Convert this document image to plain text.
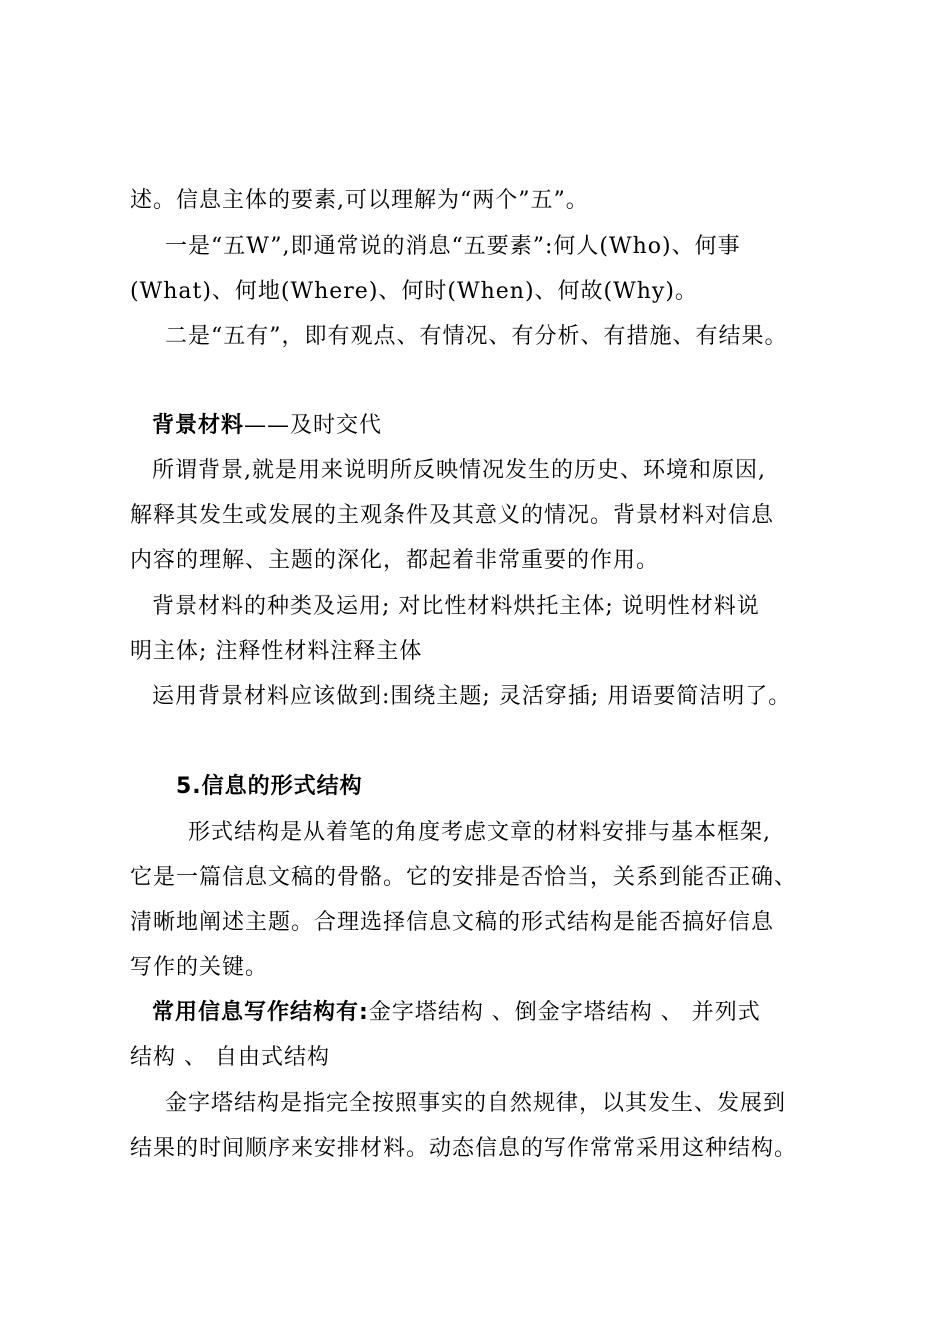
述。信息主体的要素,可以理解为“两个”五”。
一是“五W”,即通常说的消息“五要素”:何人(Who)、何事
(What)、何地(Where)、何时(When)、何故(Why)。
二是“五有”，即有观点、有情况、有分析、有措施、有结果。
背景材料——及时交代
所谓背景,就是用来说明所反映情况发生的历史、环境和原因,
解释其发生或发展的主观条件及其意义的情况。背景材料对信息
内容的理解、主题的深化，都起着非常重要的作用。
背景材料的种类及运用; 对比性材料烘托主体; 说明性材料说
明主体; 注释性材料注释主体
运用背景材料应该做到:围绕主题; 灵活穿插; 用语要简洁明了。
5.信息的形式结构
形式结构是从着笔的角度考虑文章的材料安排与基本框架,
它是一篇信息文稿的骨骼。它的安排是否恰当，关系到能否正确、
清晰地阐述主题。合理选择信息文稿的形式结构是能否搞好信息
写作的关键。
常用信息写作结构有:金字塔结构 、倒金字塔结构 、 并列式
结构 、 自由式结构
金字塔结构是指完全按照事实的自然规律，以其发生、发展到
结果的时间顺序来安排材料。动态信息的写作常常采用这种结构。
